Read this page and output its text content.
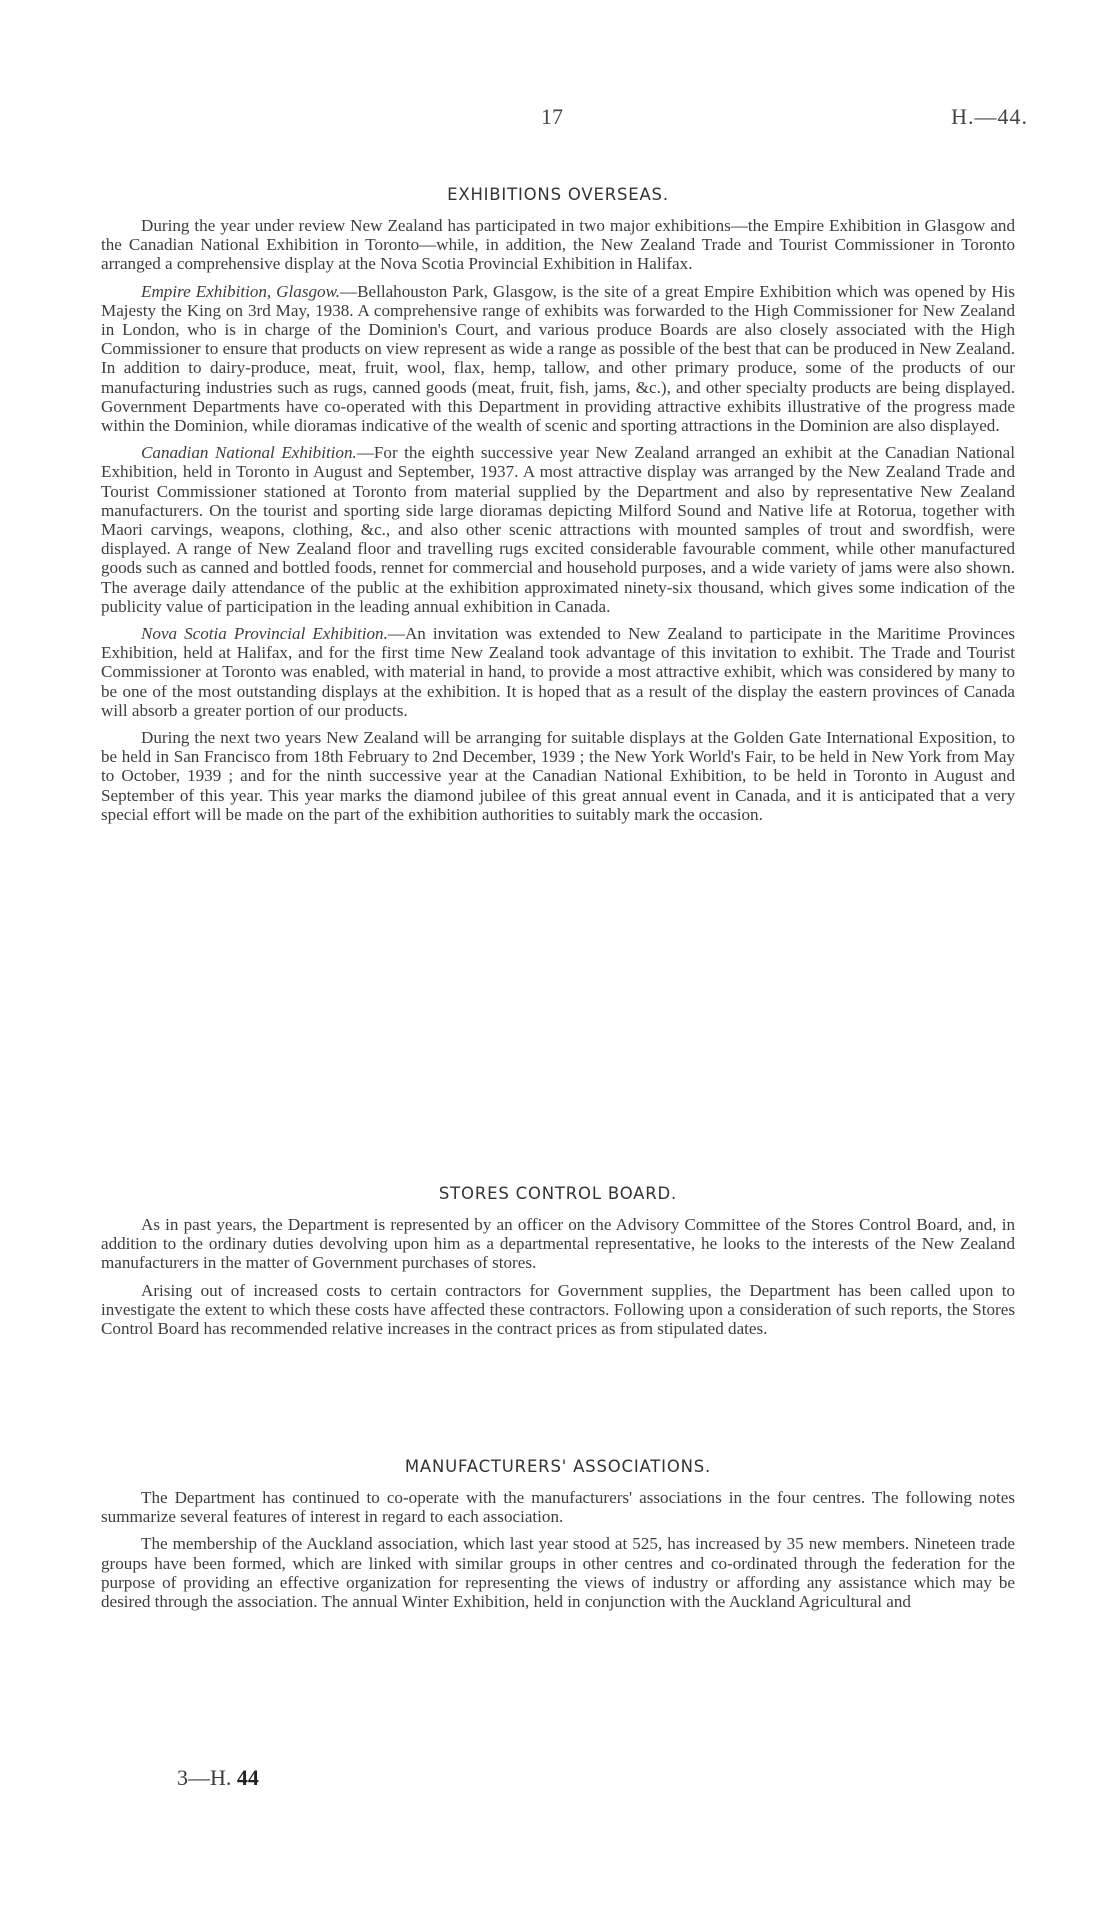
17	H.—44.
EXHIBITIONS OVERSEAS.

During the year under review New Zealand has participated in two major exhibitions—the Empire Exhibition in Glasgow and the Canadian National Exhibition in Toronto—while, in addition, the New Zealand Trade and Tourist Commissioner in Toronto arranged a comprehensive display at the Nova Scotia Provincial Exhibition in Halifax.

Empire Exhibition, Glasgow.—Bellahouston Park, Glasgow, is the site of a great Empire Exhibition which was opened by His Majesty the King on 3rd May, 1938. A comprehensive range of exhibits was forwarded to the High Commissioner for New Zealand in London, who is in charge of the Dominion's Court, and various produce Boards are also closely associated with the High Commissioner to ensure that products on view represent as wide a range as possible of the best that can be produced in New Zealand. In addition to dairy-produce, meat, fruit, wool, flax, hemp, tallow, and other primary produce, some of the products of our manufacturing industries such as rugs, canned goods (meat, fruit, fish, jams, &c.), and other specialty products are being displayed. Government Departments have co-operated with this Department in providing attractive exhibits illustrative of the progress made within the Dominion, while dioramas indicative of the wealth of scenic and sporting attractions in the Dominion are also displayed.

Canadian National Exhibition.—For the eighth successive year New Zealand arranged an exhibit at the Canadian National Exhibition, held in Toronto in August and September, 1937. A most attractive display was arranged by the New Zealand Trade and Tourist Commissioner stationed at Toronto from material supplied by the Department and also by representative New Zealand manufacturers. On the tourist and sporting side large dioramas depicting Milford Sound and Native life at Rotorua, together with Maori carvings, weapons, clothing, &c., and also other scenic attractions with mounted samples of trout and swordfish, were displayed. A range of New Zealand floor and travelling rugs excited considerable favourable comment, while other manufactured goods such as canned and bottled foods, rennet for commercial and household purposes, and a wide variety of jams were also shown. The average daily attendance of the public at the exhibition approximated ninety-six thousand, which gives some indication of the publicity value of participation in the leading annual exhibition in Canada.

Nova Scotia Provincial Exhibition.—An invitation was extended to New Zealand to participate in the Maritime Provinces Exhibition, held at Halifax, and for the first time New Zealand took advantage of this invitation to exhibit. The Trade and Tourist Commissioner at Toronto was enabled, with material in hand, to provide a most attractive exhibit, which was considered by many to be one of the most outstanding displays at the exhibition. It is hoped that as a result of the display the eastern provinces of Canada will absorb a greater portion of our products.

During the next two years New Zealand will be arranging for suitable displays at the Golden Gate International Exposition, to be held in San Francisco from 18th February to 2nd December, 1939 ; the New York World's Fair, to be held in New York from May to October, 1939 ; and for the ninth successive year at the Canadian National Exhibition, to be held in Toronto in August and September of this year. This year marks the diamond jubilee of this great annual event in Canada, and it is anticipated that a very special effort will be made on the part of the exhibition authorities to suitably mark the occasion.

STORES CONTROL BOARD.

As in past years, the Department is represented by an officer on the Advisory Committee of the Stores Control Board, and, in addition to the ordinary duties devolving upon him as a departmental representative, he looks to the interests of the New Zealand manufacturers in the matter of Government purchases of stores.

Arising out of increased costs to certain contractors for Government supplies, the Department has been called upon to investigate the extent to which these costs have affected these contractors. Following upon a consideration of such reports, the Stores Control Board has recommended relative increases in the contract prices as from stipulated dates.

MANUFACTURERS' ASSOCIATIONS.

The Department has continued to co-operate with the manufacturers' associations in the four centres. The following notes summarize several features of interest in regard to each association.

The membership of the Auckland association, which last year stood at 525, has increased by 35 new members. Nineteen trade groups have been formed, which are linked with similar groups in other centres and co-ordinated through the federation for the purpose of providing an effective organization for representing the views of industry or affording any assistance which may be desired through the association. The annual Winter Exhibition, held in conjunction with the Auckland Agricultural and

3—H. 44
